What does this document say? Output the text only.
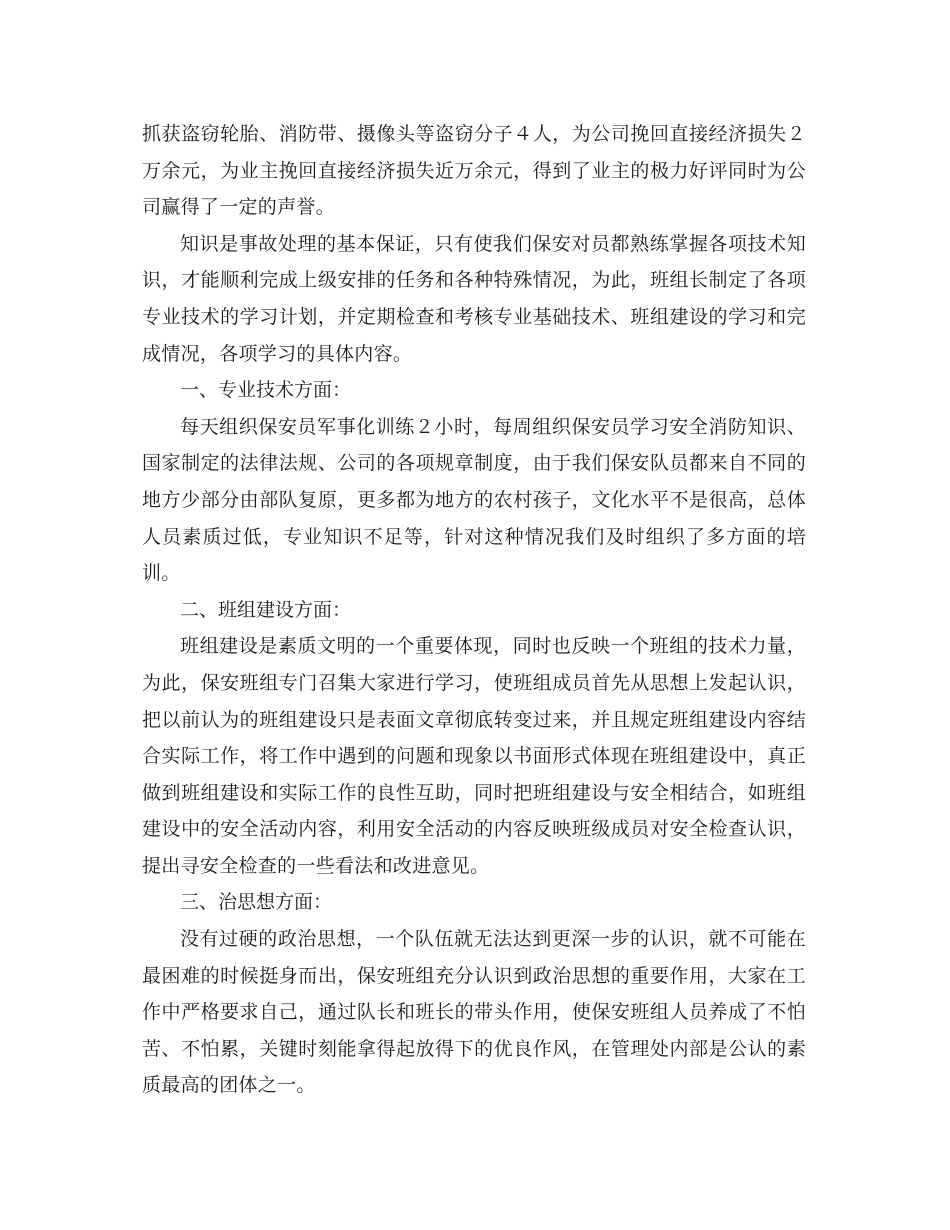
抓获盗窃轮胎、消防带、摄像头等盗窃分子４人，为公司挽回直接经济损失２万余元，为业主挽回直接经济损失近万余元，得到了业主的极力好评同时为公司赢得了一定的声誉。

知识是事故处理的基本保证，只有使我们保安对员都熟练掌握各项技术知识，才能顺利完成上级安排的任务和各种特殊情况，为此，班组长制定了各项专业技术的学习计划，并定期检查和考核专业基础技术、班组建设的学习和完成情况，各项学习的具体内容。

一、专业技术方面：

每天组织保安员军事化训练２小时，每周组织保安员学习安全消防知识、国家制定的法律法规、公司的各项规章制度，由于我们保安队员都来自不同的地方少部分由部队复原，更多都为地方的农村孩子，文化水平不是很高，总体人员素质过低，专业知识不足等，针对这种情况我们及时组织了多方面的培训。

二、班组建设方面：

班组建设是素质文明的一个重要体现，同时也反映一个班组的技术力量，为此，保安班组专门召集大家进行学习，使班组成员首先从思想上发起认识，把以前认为的班组建设只是表面文章彻底转变过来，并且规定班组建设内容结合实际工作，将工作中遇到的问题和现象以书面形式体现在班组建设中，真正做到班组建设和实际工作的良性互助，同时把班组建设与安全相结合，如班组建设中的安全活动内容，利用安全活动的内容反映班级成员对安全检查认识，提出寻安全检查的一些看法和改进意见。

三、治思想方面：

没有过硬的政治思想，一个队伍就无法达到更深一步的认识，就不可能在最困难的时候挺身而出，保安班组充分认识到政治思想的重要作用，大家在工作中严格要求自己，通过队长和班长的带头作用，使保安班组人员养成了不怕苦、不怕累，关键时刻能拿得起放得下的优良作风，在管理处内部是公认的素质最高的团体之一。
